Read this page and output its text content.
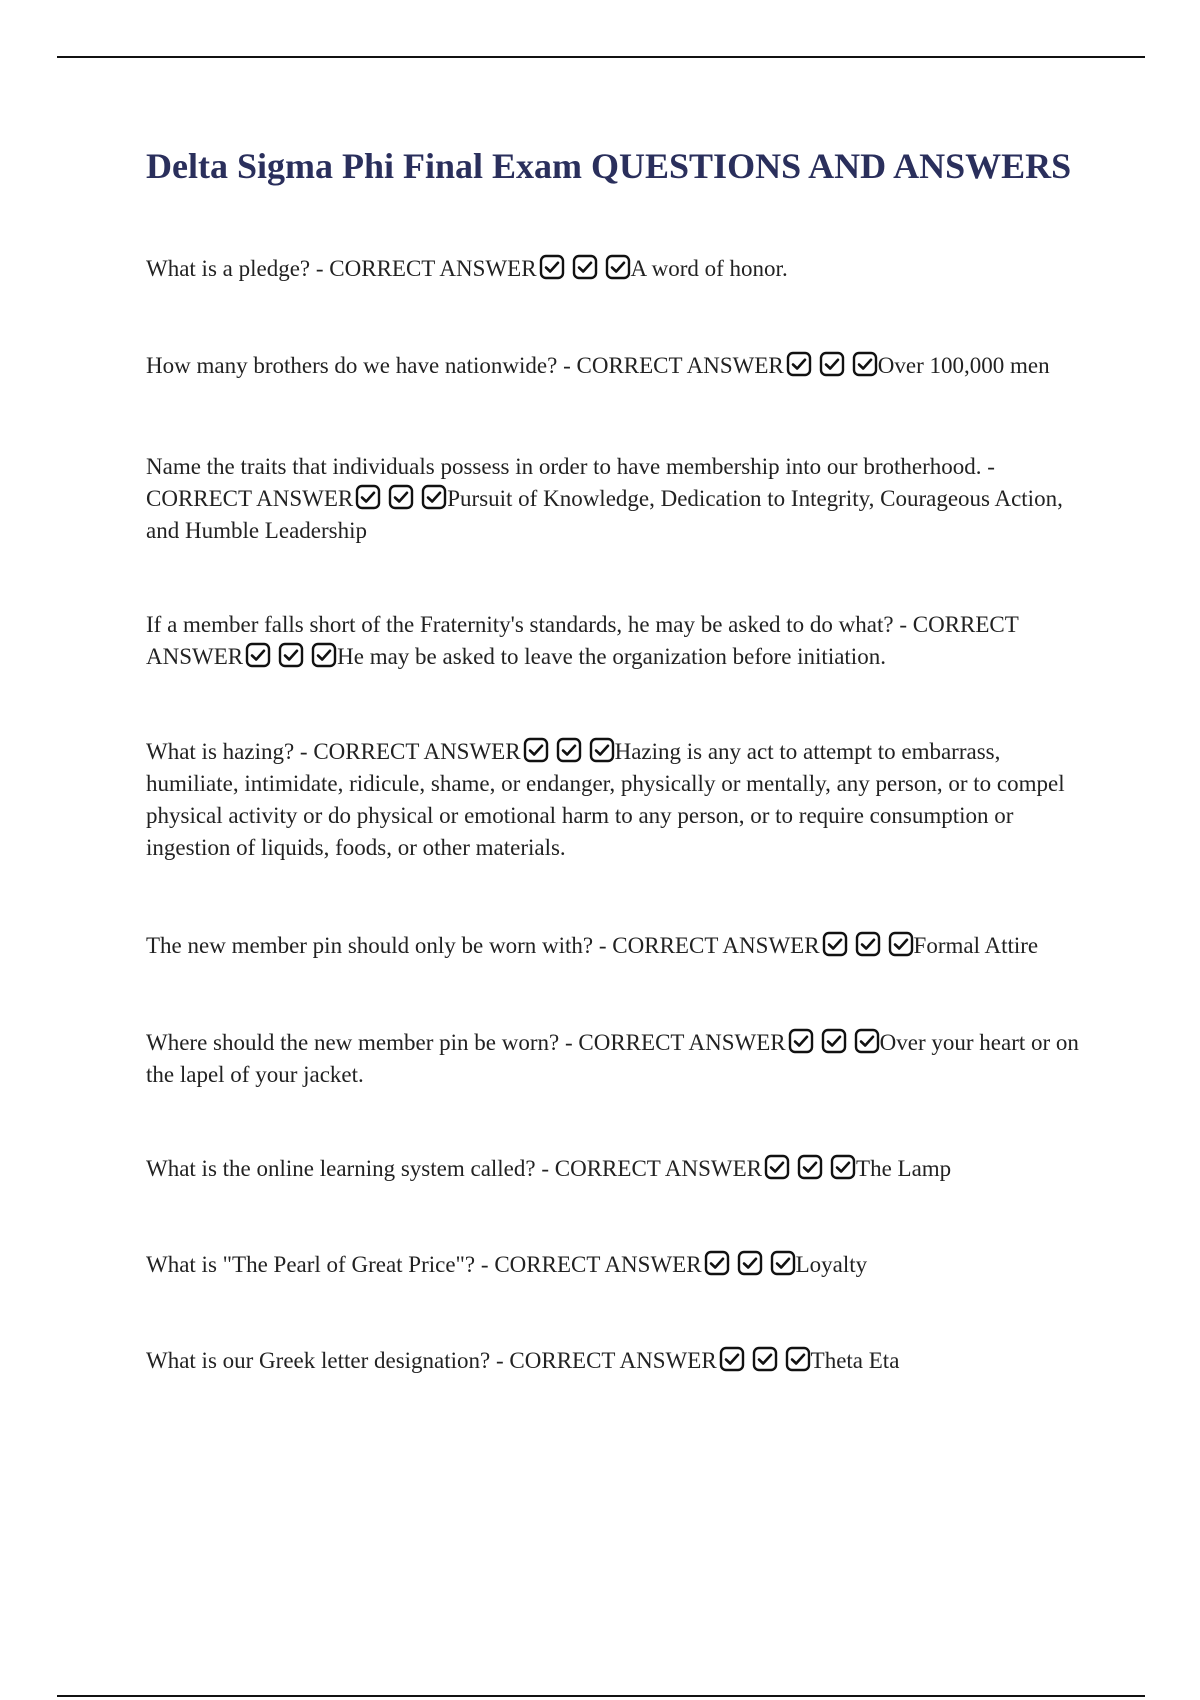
Delta Sigma Phi Final Exam QUESTIONS AND ANSWERS

What is a pledge? - CORRECT ANSWER	A word of honor.

How many brothers do we have nationwide? - CORRECT ANSWER	Over 100,000 men

Name the traits that individuals possess in order to have membership into our brotherhood. - CORRECT ANSWER	Pursuit of Knowledge, Dedication to Integrity, Courageous Action, and Humble Leadership

If a member falls short of the Fraternity's standards, he may be asked to do what? - CORRECT ANSWER	He may be asked to leave the organization before initiation.

What is hazing? - CORRECT ANSWER	Hazing is any act to attempt to embarrass, humiliate, intimidate, ridicule, shame, or endanger, physically or mentally, any person, or to compel physical activity or do physical or emotional harm to any person, or to require consumption or ingestion of liquids, foods, or other materials.

The new member pin should only be worn with? - CORRECT ANSWER	Formal Attire

Where should the new member pin be worn? - CORRECT ANSWER	Over your heart or on the lapel of your jacket.

What is the online learning system called? - CORRECT ANSWER	The Lamp

What is "The Pearl of Great Price"? - CORRECT ANSWER	Loyalty

What is our Greek letter designation? - CORRECT ANSWER	Theta Eta
